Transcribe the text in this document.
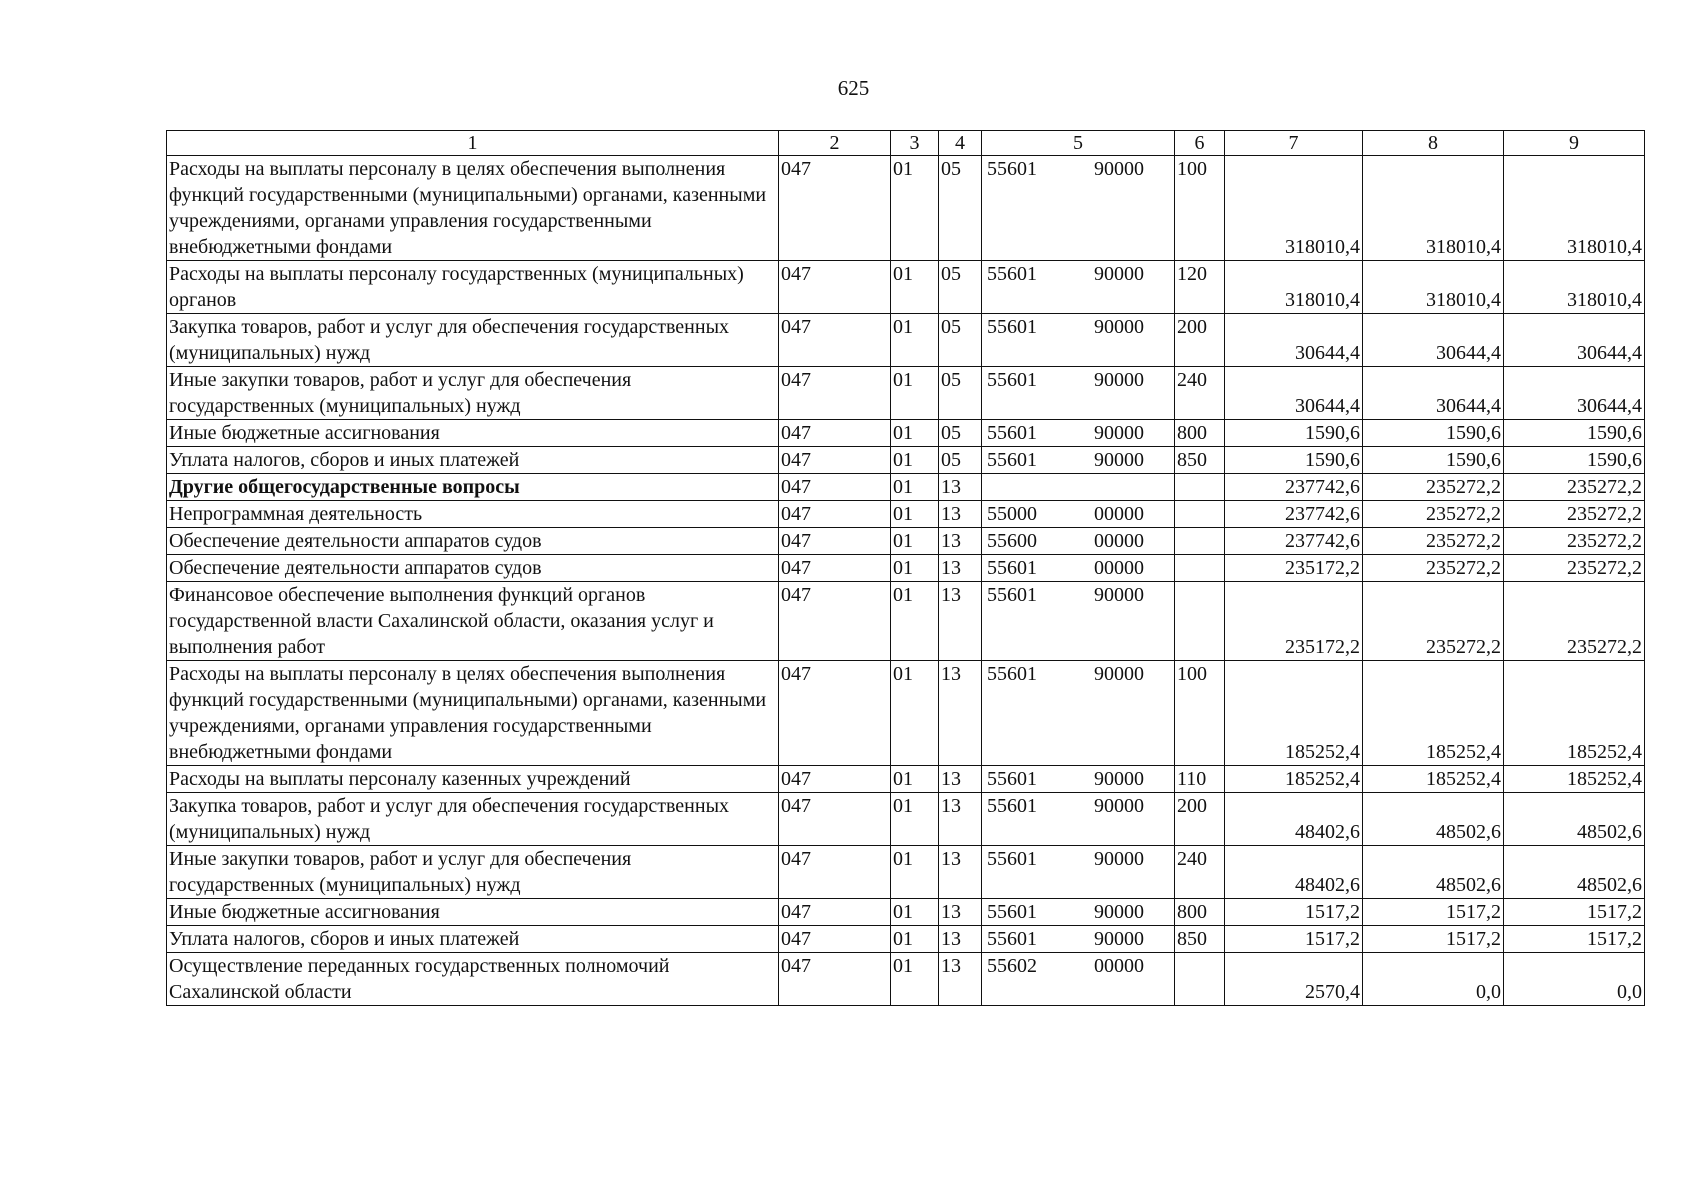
625
1	2	3	4	5	6	7	8	9
Расходы на выплаты персоналу в целях обеспечения выполнения функций государственными (муниципальными) органами, казенными учреждениями, органами управления государственными внебюджетными фондами	047	01	05	55601 90000	100	318010,4	318010,4	318010,4
Расходы на выплаты персоналу государственных (муниципальных) органов	047	01	05	55601 90000	120	318010,4	318010,4	318010,4
Закупка товаров, работ и услуг для обеспечения государственных (муниципальных) нужд	047	01	05	55601 90000	200	30644,4	30644,4	30644,4
Иные закупки товаров, работ и услуг для обеспечения государственных (муниципальных) нужд	047	01	05	55601 90000	240	30644,4	30644,4	30644,4
Иные бюджетные ассигнования	047	01	05	55601 90000	800	1590,6	1590,6	1590,6
Уплата налогов, сборов и иных платежей	047	01	05	55601 90000	850	1590,6	1590,6	1590,6
Другие общегосударственные вопросы	047	01	13			237742,6	235272,2	235272,2
Непрограммная деятельность	047	01	13	55000 00000		237742,6	235272,2	235272,2
Обеспечение деятельности аппаратов судов	047	01	13	55600 00000		237742,6	235272,2	235272,2
Обеспечение деятельности аппаратов судов	047	01	13	55601 00000		235172,2	235272,2	235272,2
Финансовое обеспечение выполнения функций органов государственной власти Сахалинской области, оказания услуг и выполнения работ	047	01	13	55601 90000		235172,2	235272,2	235272,2
Расходы на выплаты персоналу в целях обеспечения выполнения функций государственными (муниципальными) органами, казенными учреждениями, органами управления государственными внебюджетными фондами	047	01	13	55601 90000	100	185252,4	185252,4	185252,4
Расходы на выплаты персоналу казенных учреждений	047	01	13	55601 90000	110	185252,4	185252,4	185252,4
Закупка товаров, работ и услуг для обеспечения государственных (муниципальных) нужд	047	01	13	55601 90000	200	48402,6	48502,6	48502,6
Иные закупки товаров, работ и услуг для обеспечения государственных (муниципальных) нужд	047	01	13	55601 90000	240	48402,6	48502,6	48502,6
Иные бюджетные ассигнования	047	01	13	55601 90000	800	1517,2	1517,2	1517,2
Уплата налогов, сборов и иных платежей	047	01	13	55601 90000	850	1517,2	1517,2	1517,2
Осуществление переданных государственных полномочий Сахалинской области	047	01	13	55602 00000		2570,4	0,0	0,0
